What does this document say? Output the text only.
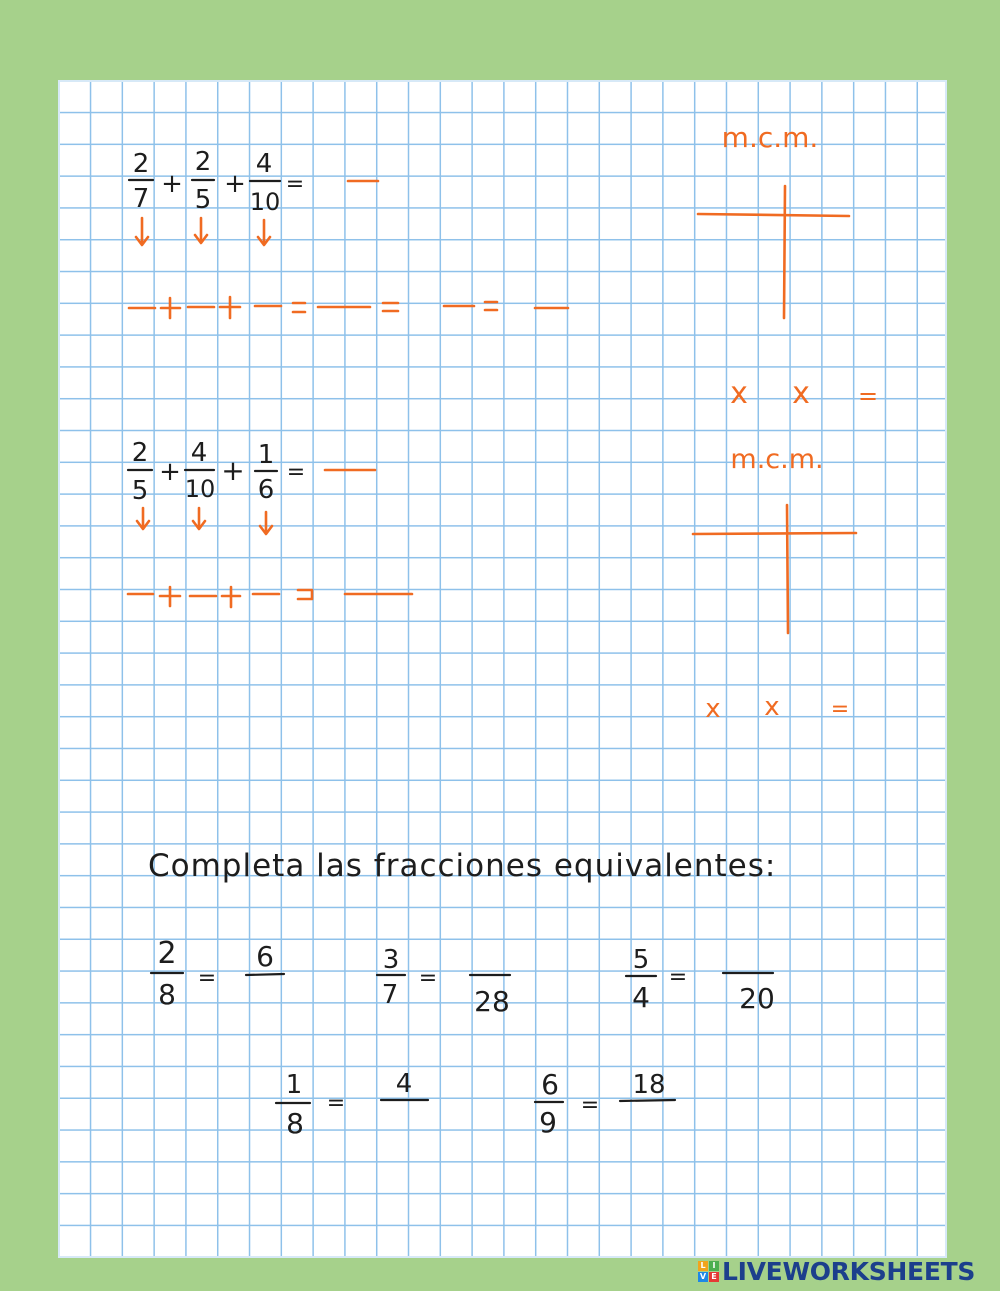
2
7 +
2
5
+
4
10
=
m.c.m.
x x =
2
5
+
4
10
+ 1
6
=	m.c.m.
x x =
2
8 =
6	3
7
=
28
5
4
=
20
1
8
=
4	6
9
=
18
Completa las fracciones equivalentes:
L I
V E LIVEWORKSHEETS
